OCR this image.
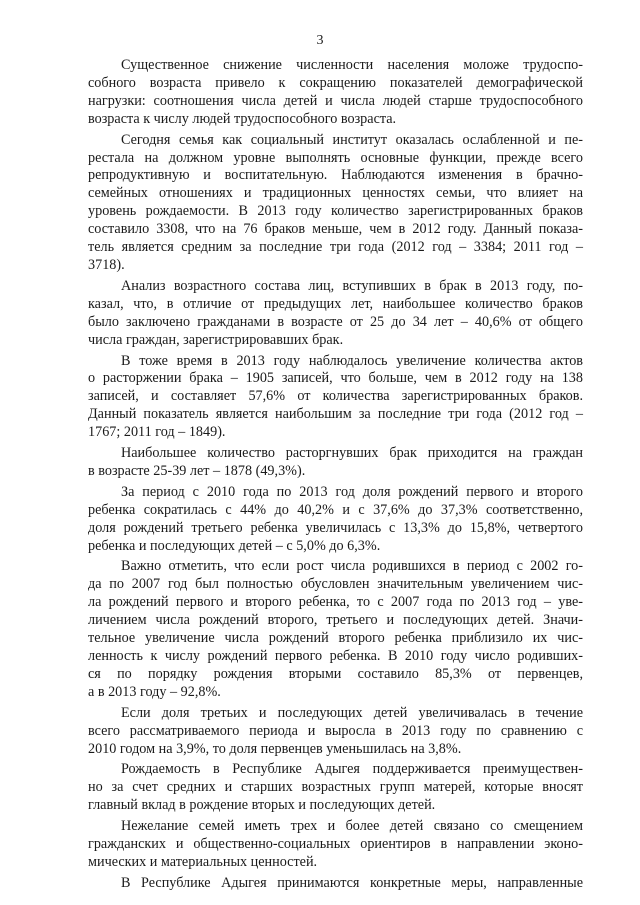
3

Существенное снижение численности населения моложе трудоспо-
собного возраста привело к сокращению показателей демографической
нагрузки: соотношения числа детей и числа людей старше трудоспособного
возраста к числу людей трудоспособного возраста.

Сегодня семья как социальный институт оказалась ослабленной и пе-
рестала на должном уровне выполнять основные функции, прежде всего
репродуктивную и воспитательную. Наблюдаются изменения в брачно-
семейных отношениях и традиционных ценностях семьи, что влияет на
уровень рождаемости. В 2013 году количество зарегистрированных браков
составило 3308, что на 76 браков меньше, чем в 2012 году. Данный показа-
тель является средним за последние три года (2012 год – 3384; 2011 год –
3718).

Анализ возрастного состава лиц, вступивших в брак в 2013 году, по-
казал, что, в отличие от предыдущих лет, наибольшее количество браков
было заключено гражданами в возрасте от 25 до 34 лет – 40,6% от общего
числа граждан, зарегистрировавших брак.

В тоже время в 2013 году наблюдалось увеличение количества актов
о расторжении брака – 1905 записей, что больше, чем в 2012 году на 138
записей, и составляет 57,6% от количества зарегистрированных браков.
Данный показатель является наибольшим за последние три года (2012 год –
1767; 2011 год – 1849).

Наибольшее количество расторгнувших брак приходится на граждан
в возрасте 25-39 лет – 1878 (49,3%).

За период с 2010 года по 2013 год доля рождений первого и второго
ребенка сократилась с 44% до 40,2% и с 37,6% до 37,3% соответственно,
доля рождений третьего ребенка увеличилась с 13,3% до 15,8%, четвертого
ребенка и последующих детей – с 5,0% до 6,3%.

Важно отметить, что если рост числа родившихся в период с 2002 го-
да по 2007 год был полностью обусловлен значительным увеличением чис-
ла рождений первого и второго ребенка, то с 2007 года по 2013 год – уве-
личением числа рождений второго, третьего и последующих детей. Значи-
тельное увеличение числа рождений второго ребенка приблизило их чис-
ленность к числу рождений первого ребенка. В 2010 году число родивших-
ся по порядку рождения вторыми составило 85,3% от первенцев,
а в 2013 году – 92,8%.

Если доля третьих и последующих детей увеличивалась в течение
всего рассматриваемого периода и выросла в 2013 году по сравнению с
2010 годом на 3,9%, то доля первенцев уменьшилась на 3,8%.

Рождаемость в Республике Адыгея поддерживается преимуществен-
но за счет средних и старших возрастных групп матерей, которые вносят
главный вклад в рождение вторых и последующих детей.

Нежелание семей иметь трех и более детей связано со смещением
гражданских и общественно-социальных ориентиров в направлении эконо-
мических и материальных ценностей.

В Республике Адыгея принимаются конкретные меры, направленные
